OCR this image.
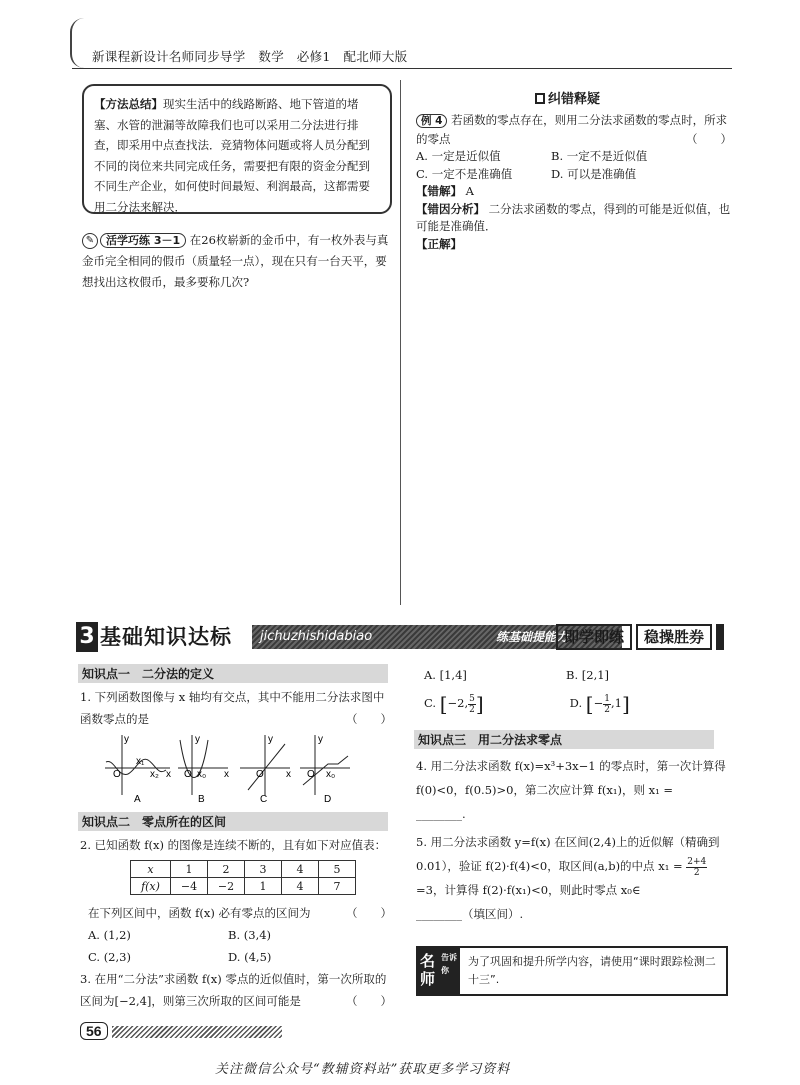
新课程新设计名师同步导学　数学　必修1　配北师大版
【方法总结】现实生活中的线路断路、地下管道的堵塞、水管的泄漏等故障我们也可以采用二分法进行排查，即采用中点查找法．竞猜物体问题或将人员分配到不同的岗位来共同完成任务，需要把有限的资金分配到不同生产企业，如何使时间最短、利润最高，这都需要用二分法来解决．
✎ 活学巧练 3－1 在26枚崭新的金币中，有一枚外表与真金币完全相同的假币（质量轻一点），现在只有一台天平，要想找出这枚假币，最多要称几次?
纠错释疑
例 4 若函数的零点存在，则用二分法求函数的零点时，所求的零点	（　　）
A. 一定是近似值	B. 一定不是近似值
C. 一定不是准确值	D. 可以是准确值
【错解】 A
【错因分析】 二分法求函数的零点，得到的可能是近似值，也可能是准确值．
【正解】
3 基础知识达标 jichuzhishidabiao	练基础提能力
即学即练	稳操胜券
知识点一　二分法的定义
1. 下列函数图像与 x 轴均有交点，其中不能用二分法求图中函数零点的是	（　　）
x
O
y
x₁
x₂
A
x
O
y
x₀
B
x
O
y
C
O
y
x₀
D
知识点二　零点所在的区间
2. 已知函数 f(x) 的图像是连续不断的，且有如下对应值表：
x	1	2	3	4	5
f(x)	−4	−2	1	4	7
在下列区间中，函数 f(x) 必有零点的区间为	（　　）
A. (1,2)	B. (3,4)
C. (2,3)	D. (4,5)
3. 在用“二分法”求函数 f(x) 零点的近似值时，第一次所取的区间为[−2,4]，则第三次所取的区间可能是	（　　）
A. [1,4]	B. [2,1]
C. [−2, $\frac{5}{2}$]	D. [− $\frac{1}{2},1$]
知识点三　用二分法求零点
4. 用二分法求函数 f(x)=x³+3x−1 的零点时，第一次计算得 f(0)<0，f(0.5)>0，第二次应计算 f(x₁)，则 x₁ =
________.
5. 用二分法求函数 y=f(x) 在区间(2,4)上的近似解（精确到0.01），验证 f(2)·f(4)<0，取区间(a,b)的中点 $x_1 = \frac{2+4}{2}=3$，计算得 f(2)·f(x₁)<0，则此时零点 x₀∈
________（填区间）.
名师
告诉你
为了巩固和提升所学内容，请使用“课时跟踪检测二十三”.
56
关注微信公众号“教辅资料站”获取更多学习资料
